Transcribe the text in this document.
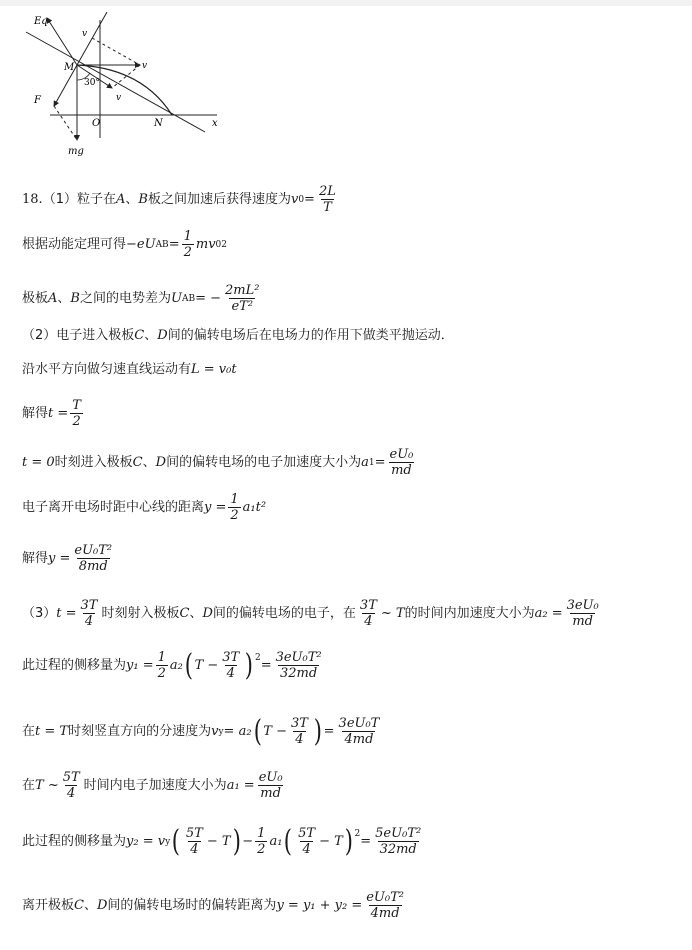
Eq
v
v
M
30°
v
F
O	N	x
mg
18. （1）粒子在 A 、 B 板之间加速后获得速度为 v $0 = \frac{2L}{T}$
根据动能定理可得 −eU AB = $\frac{1}{2}$ mv 0 2
极板 A 、 B 之间的电势差为 U AB = − $\frac{\text{2mL²}}{\text{eT²}}$
（2）电子进入极板 C 、 D 间的偏转电场后在电场力的作用下做类平抛运动．
沿水平方向做匀速直线运动有 L = v₀t
解得 $t = \frac{T}{2}$
t = 0 时刻进入极板 C 、 D 间的偏转电场的电子加速度大小为 a $1 = \frac{\text{eU₀}}{md}$
电子离开电场时距中心线的距离 $y = \frac{1}{2} a_1t^2$
解得 $y = \frac{\text{eU₀T²}}{8md}$
（3） $t = \frac{3T}{4}$ 时刻射入极板 C 、 D 间的偏转电场的电子，在 $\frac{3T}{4}$ ~ T 的时间内加速度大小为 $a_2 = \frac{\text{3eU₀}}{md}$
此过程的侧移量为 $y_1 = \frac{1}{2} a_2$ ( $T - \frac{3T}{4} )^2 = \frac{\text{3eU₀T²}}{32md}$
在 t = T 时刻竖直方向的分速度为 v y = a₂ ( $T - \frac{3T}{4}$ ) = $\frac{\text{3eU₀T}}{4md}$
在 T ~ $\frac{5T}{4}$ 时间内电子加速度大小为 $a_1 = \frac{\text{eU₀}}{md}$
此过程的侧移量为 y₂ = v y ( $\frac{5T}{4} - T$ ) − $\frac{1}{2} a_1$ ( $\frac{5T}{4} - T$ )$^2 = \frac{\text{5eU₀T²}}{32md}$
离开极板 C 、 D 间的偏转电场时的偏转距离为 $y = y_1 + y_2 = \frac{\text{eU₀T²}}{4md}$
